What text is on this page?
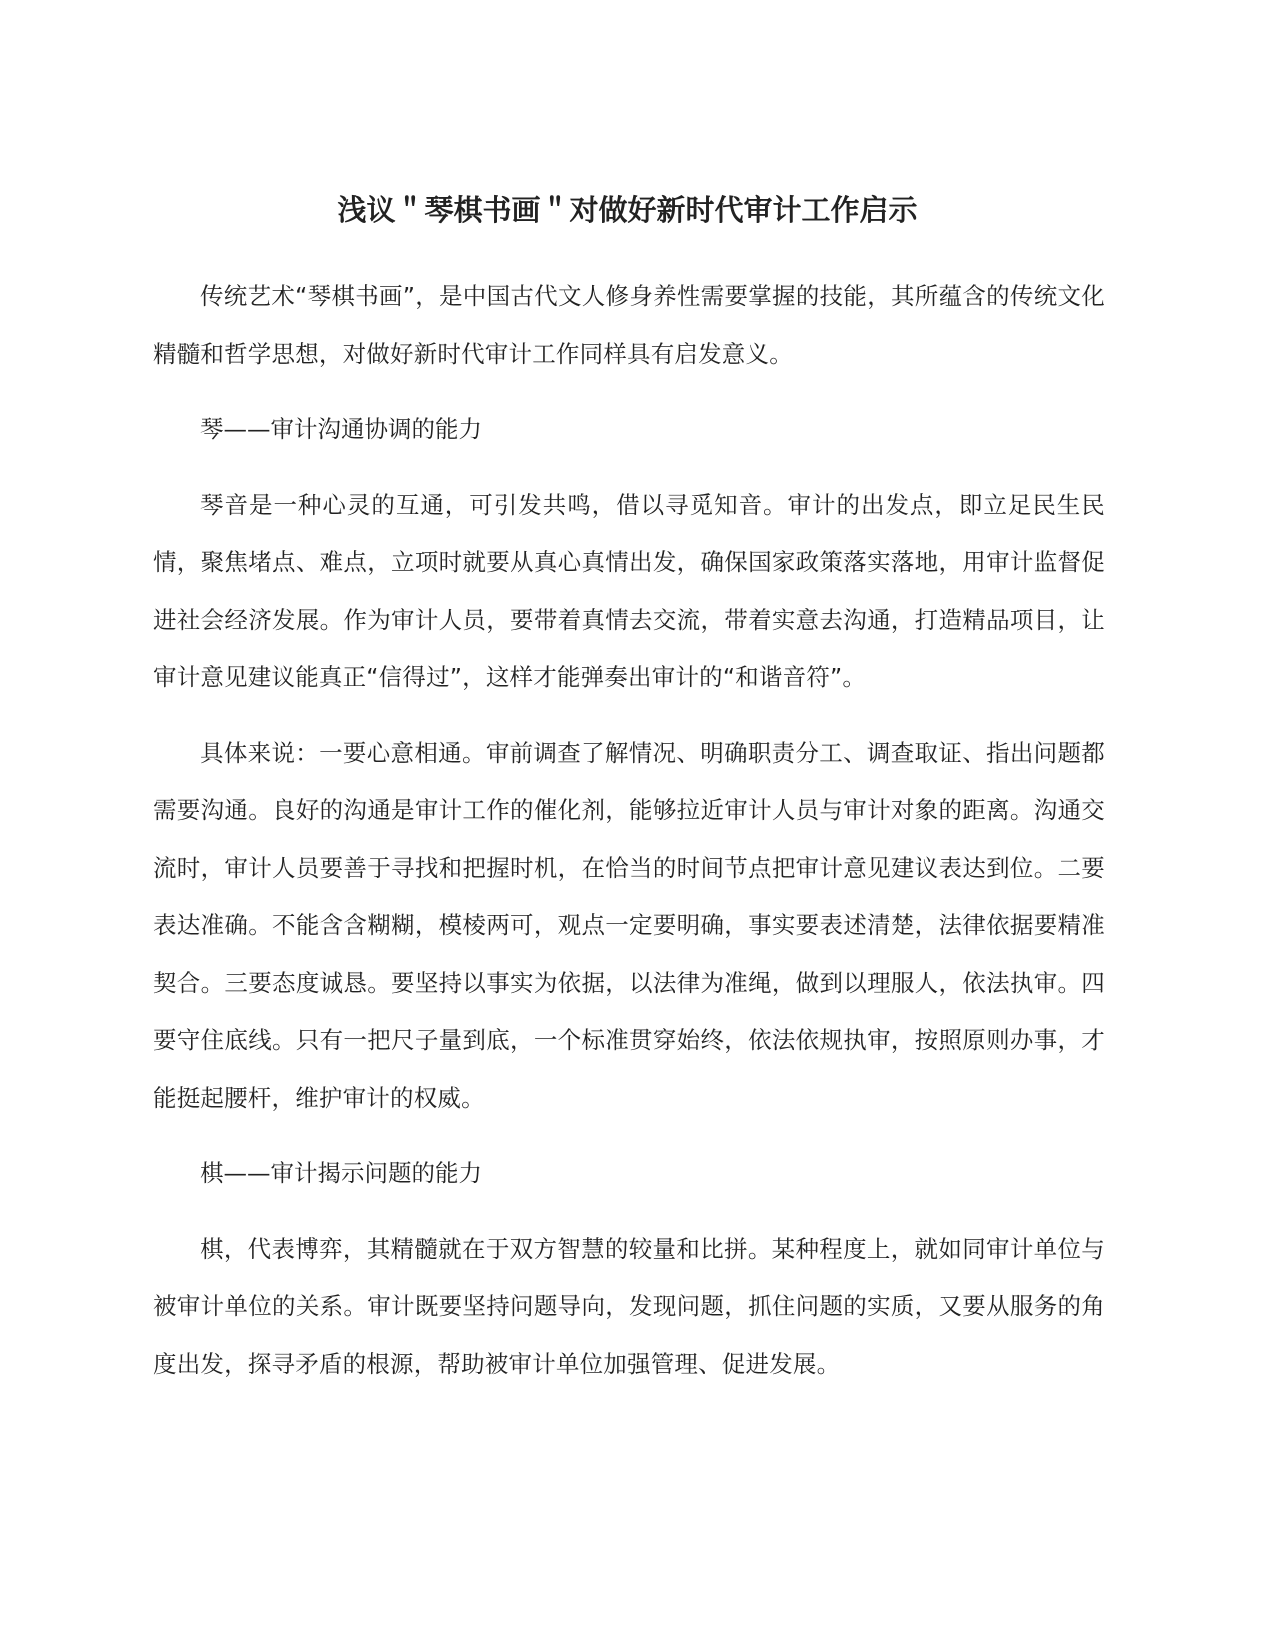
浅议＂琴棋书画＂对做好新时代审计工作启示

传统艺术“琴棋书画”，是中国古代文人修身养性需要掌握的技能，其所蕴含的传统文化精髓和哲学思想，对做好新时代审计工作同样具有启发意义。

琴——审计沟通协调的能力

琴音是一种心灵的互通，可引发共鸣，借以寻觅知音。审计的出发点，即立足民生民情，聚焦堵点、难点，立项时就要从真心真情出发，确保国家政策落实落地，用审计监督促进社会经济发展。作为审计人员，要带着真情去交流，带着实意去沟通，打造精品项目，让审计意见建议能真正“信得过”，这样才能弹奏出审计的“和谐音符”。

具体来说：一要心意相通。审前调查了解情况、明确职责分工、调查取证、指出问题都需要沟通。良好的沟通是审计工作的催化剂，能够拉近审计人员与审计对象的距离。沟通交流时，审计人员要善于寻找和把握时机，在恰当的时间节点把审计意见建议表达到位。二要表达准确。不能含含糊糊，模棱两可，观点一定要明确，事实要表述清楚，法律依据要精准契合。三要态度诚恳。要坚持以事实为依据，以法律为准绳，做到以理服人，依法执审。四要守住底线。只有一把尺子量到底，一个标准贯穿始终，依法依规执审，按照原则办事，才能挺起腰杆，维护审计的权威。

棋——审计揭示问题的能力

棋，代表博弈，其精髓就在于双方智慧的较量和比拼。某种程度上，就如同审计单位与被审计单位的关系。审计既要坚持问题导向，发现问题，抓住问题的实质，又要从服务的角度出发，探寻矛盾的根源，帮助被审计单位加强管理、促进发展。
